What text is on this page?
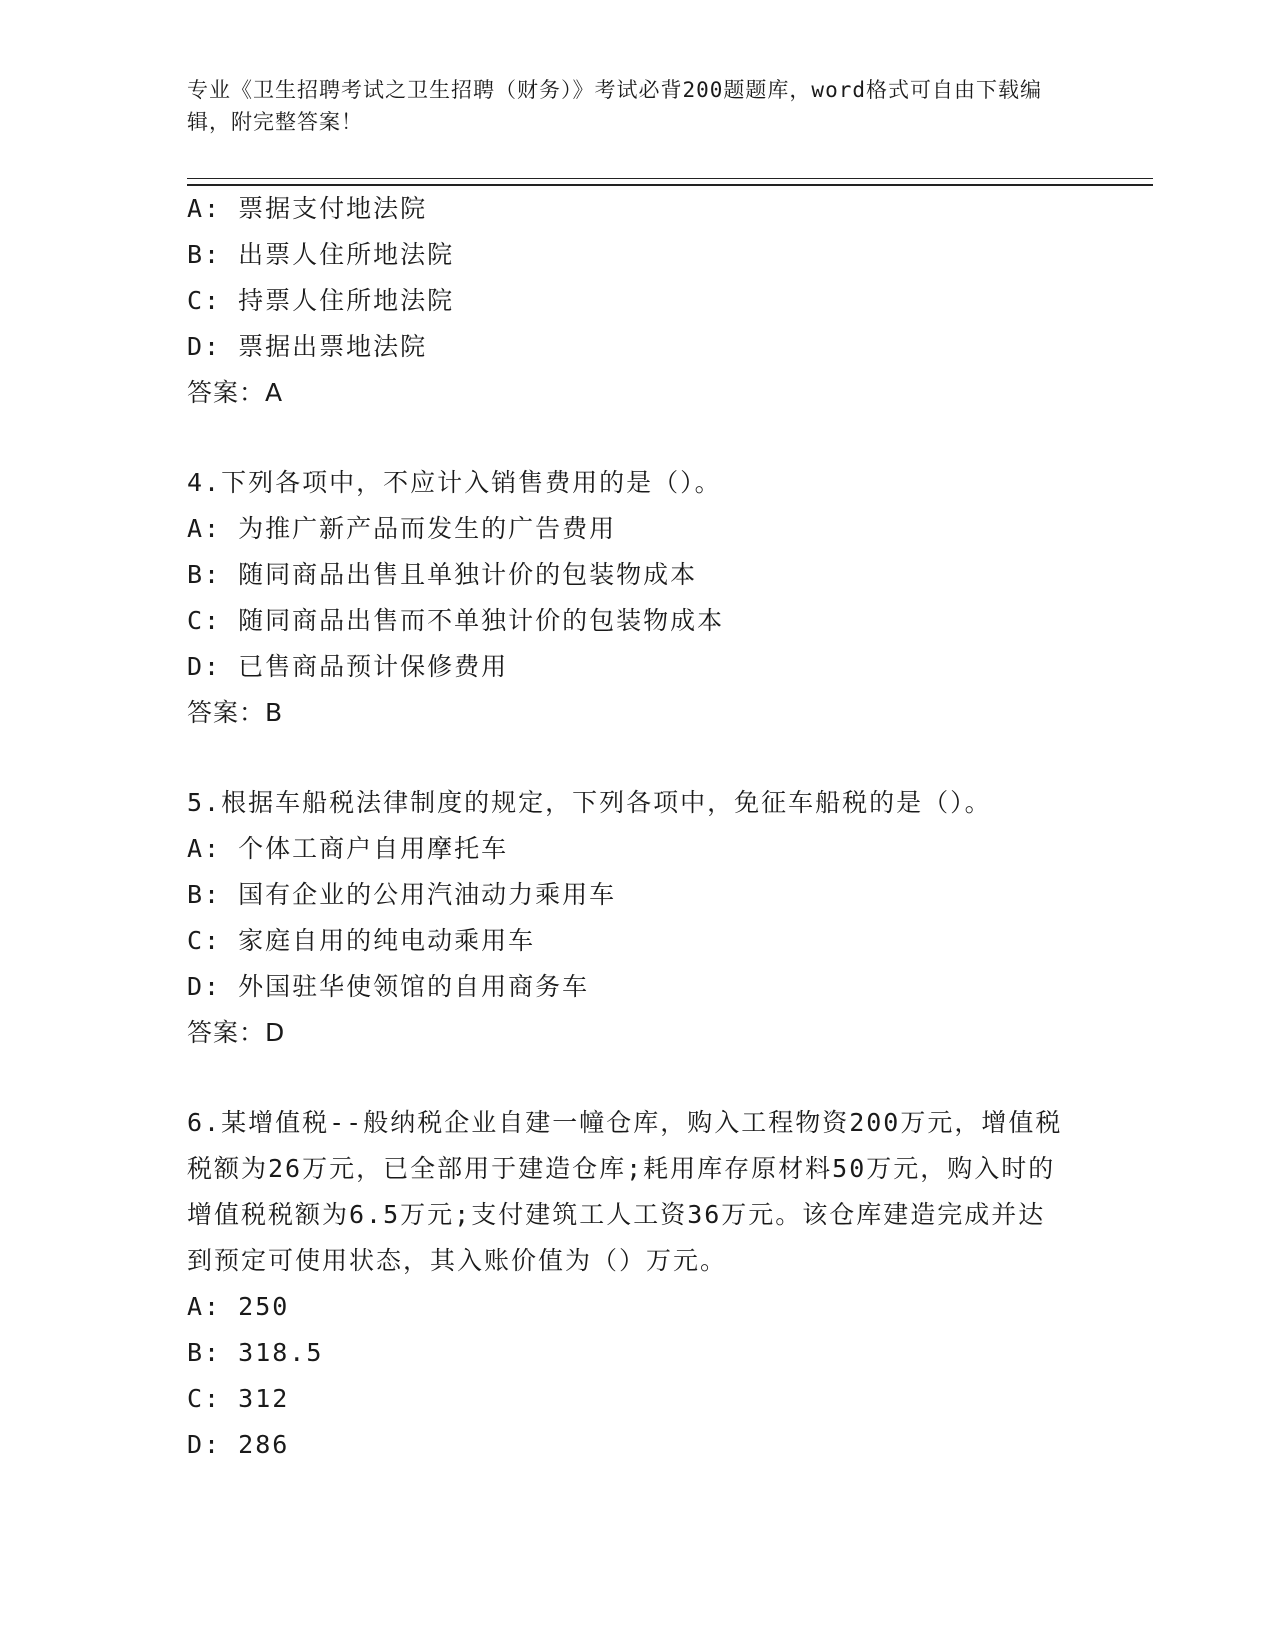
专业《卫生招聘考试之卫生招聘（财务）》考试必背200题题库，word格式可自由下载编辑，附完整答案！
A: 票据支付地法院
B: 出票人住所地法院
C: 持票人住所地法院
D: 票据出票地法院
答案：A
4.下列各项中，不应计入销售费用的是（）。
A: 为推广新产品而发生的广告费用
B: 随同商品出售且单独计价的包装物成本
C: 随同商品出售而不单独计价的包装物成本
D: 已售商品预计保修费用
答案：B
5.根据车船税法律制度的规定，下列各项中，免征车船税的是（）。
A: 个体工商户自用摩托车
B: 国有企业的公用汽油动力乘用车
C: 家庭自用的纯电动乘用车
D: 外国驻华使领馆的自用商务车
答案：D
6.某增值税--般纳税企业自建一幢仓库，购入工程物资200万元，增值税税额为26万元，已全部用于建造仓库;耗用库存原材料50万元，购入时的增值税税额为6.5万元;支付建筑工人工资36万元。该仓库建造完成并达到预定可使用状态，其入账价值为（）万元。
A: 250
B: 318.5
C: 312
D: 286
